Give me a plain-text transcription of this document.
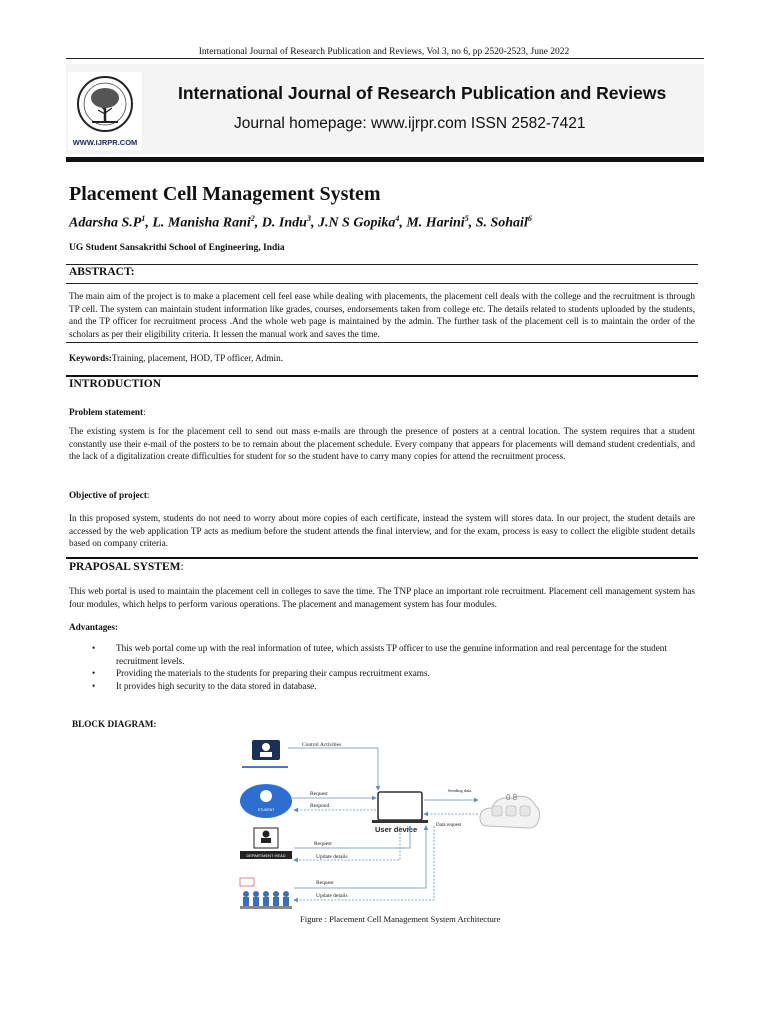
International Journal of Research Publication and Reviews, Vol 3, no 6, pp 2520-2523, June 2022
WWW.IJRPR.COM
International Journal of Research Publication and Reviews
Journal homepage: www.ijrpr.com ISSN 2582-7421
Placement Cell Management System
Adarsha $S.P^1$, L. Manisha Rani$^2$, D. Indu$^3$, J.N S Gopika$^4$, M. Harini$^5$, S. Sohail$^6$
UG Student Sansakrithi School of Engineering, India
ABSTRACT:
The main aim of the project is to make a placement cell feel ease while dealing with placements, the placement cell deals with the college and the recruitment is through TP cell. The system can maintain student information like grades, courses, endorsements taken from college etc. The details related to students uploaded by the students, and the TP officer for recruitment process .And the whole web page is maintained by the admin. The further task of the placement cell is to maintain the order of the scholars as per their eligibility criteria. It lessen the manual work and saves the time.
Keywords:Training, placement, HOD, TP officer, Admin.
INTRODUCTION
Problem statement:
The existing system is for the placement cell to send out mass e-mails are through the presence of posters at a central location. The system requires that a student constantly use their e-mail of the posters to be to remain about the placement schedule. Every company that appears for placements will demand student credentials, and the lack of a digitalization create difficulties for student for so the student have to carry many copies for attend the recruitment process.
Objective of project:
In this proposed system, students do not need to worry about more copies of each certificate, instead the system will stores data. In our project, the student details are accessed by the web application TP acts as medium before the student attends the final interview, and for the exam, process is easy to collect the eligible student details based on company criteria.
PRAPOSAL SYSTEM:
This web portal is used to maintain the placement cell in colleges to save the time. The TNP place an important role recruitment. Placement cell management system has four modules, which helps to perform various operations. The placement and management system has four modules.
Advantages:
• This web portal come up with the real information of tutee, which assists TP officer to use the genuine information and real percentage for the student recruitment levels.
• Providing the materials to the students for preparing their campus recruitment exams.
• It provides high security to the data stored in database.
BLOCK DIAGRAM:
STUDENT
DEPARTMENT HEAD
User device
0 8
Control Activities
Request
Respond
Sending data
Data request
Request
Update details
Request
Update details
Figure : Placement Cell Management System Architecture
